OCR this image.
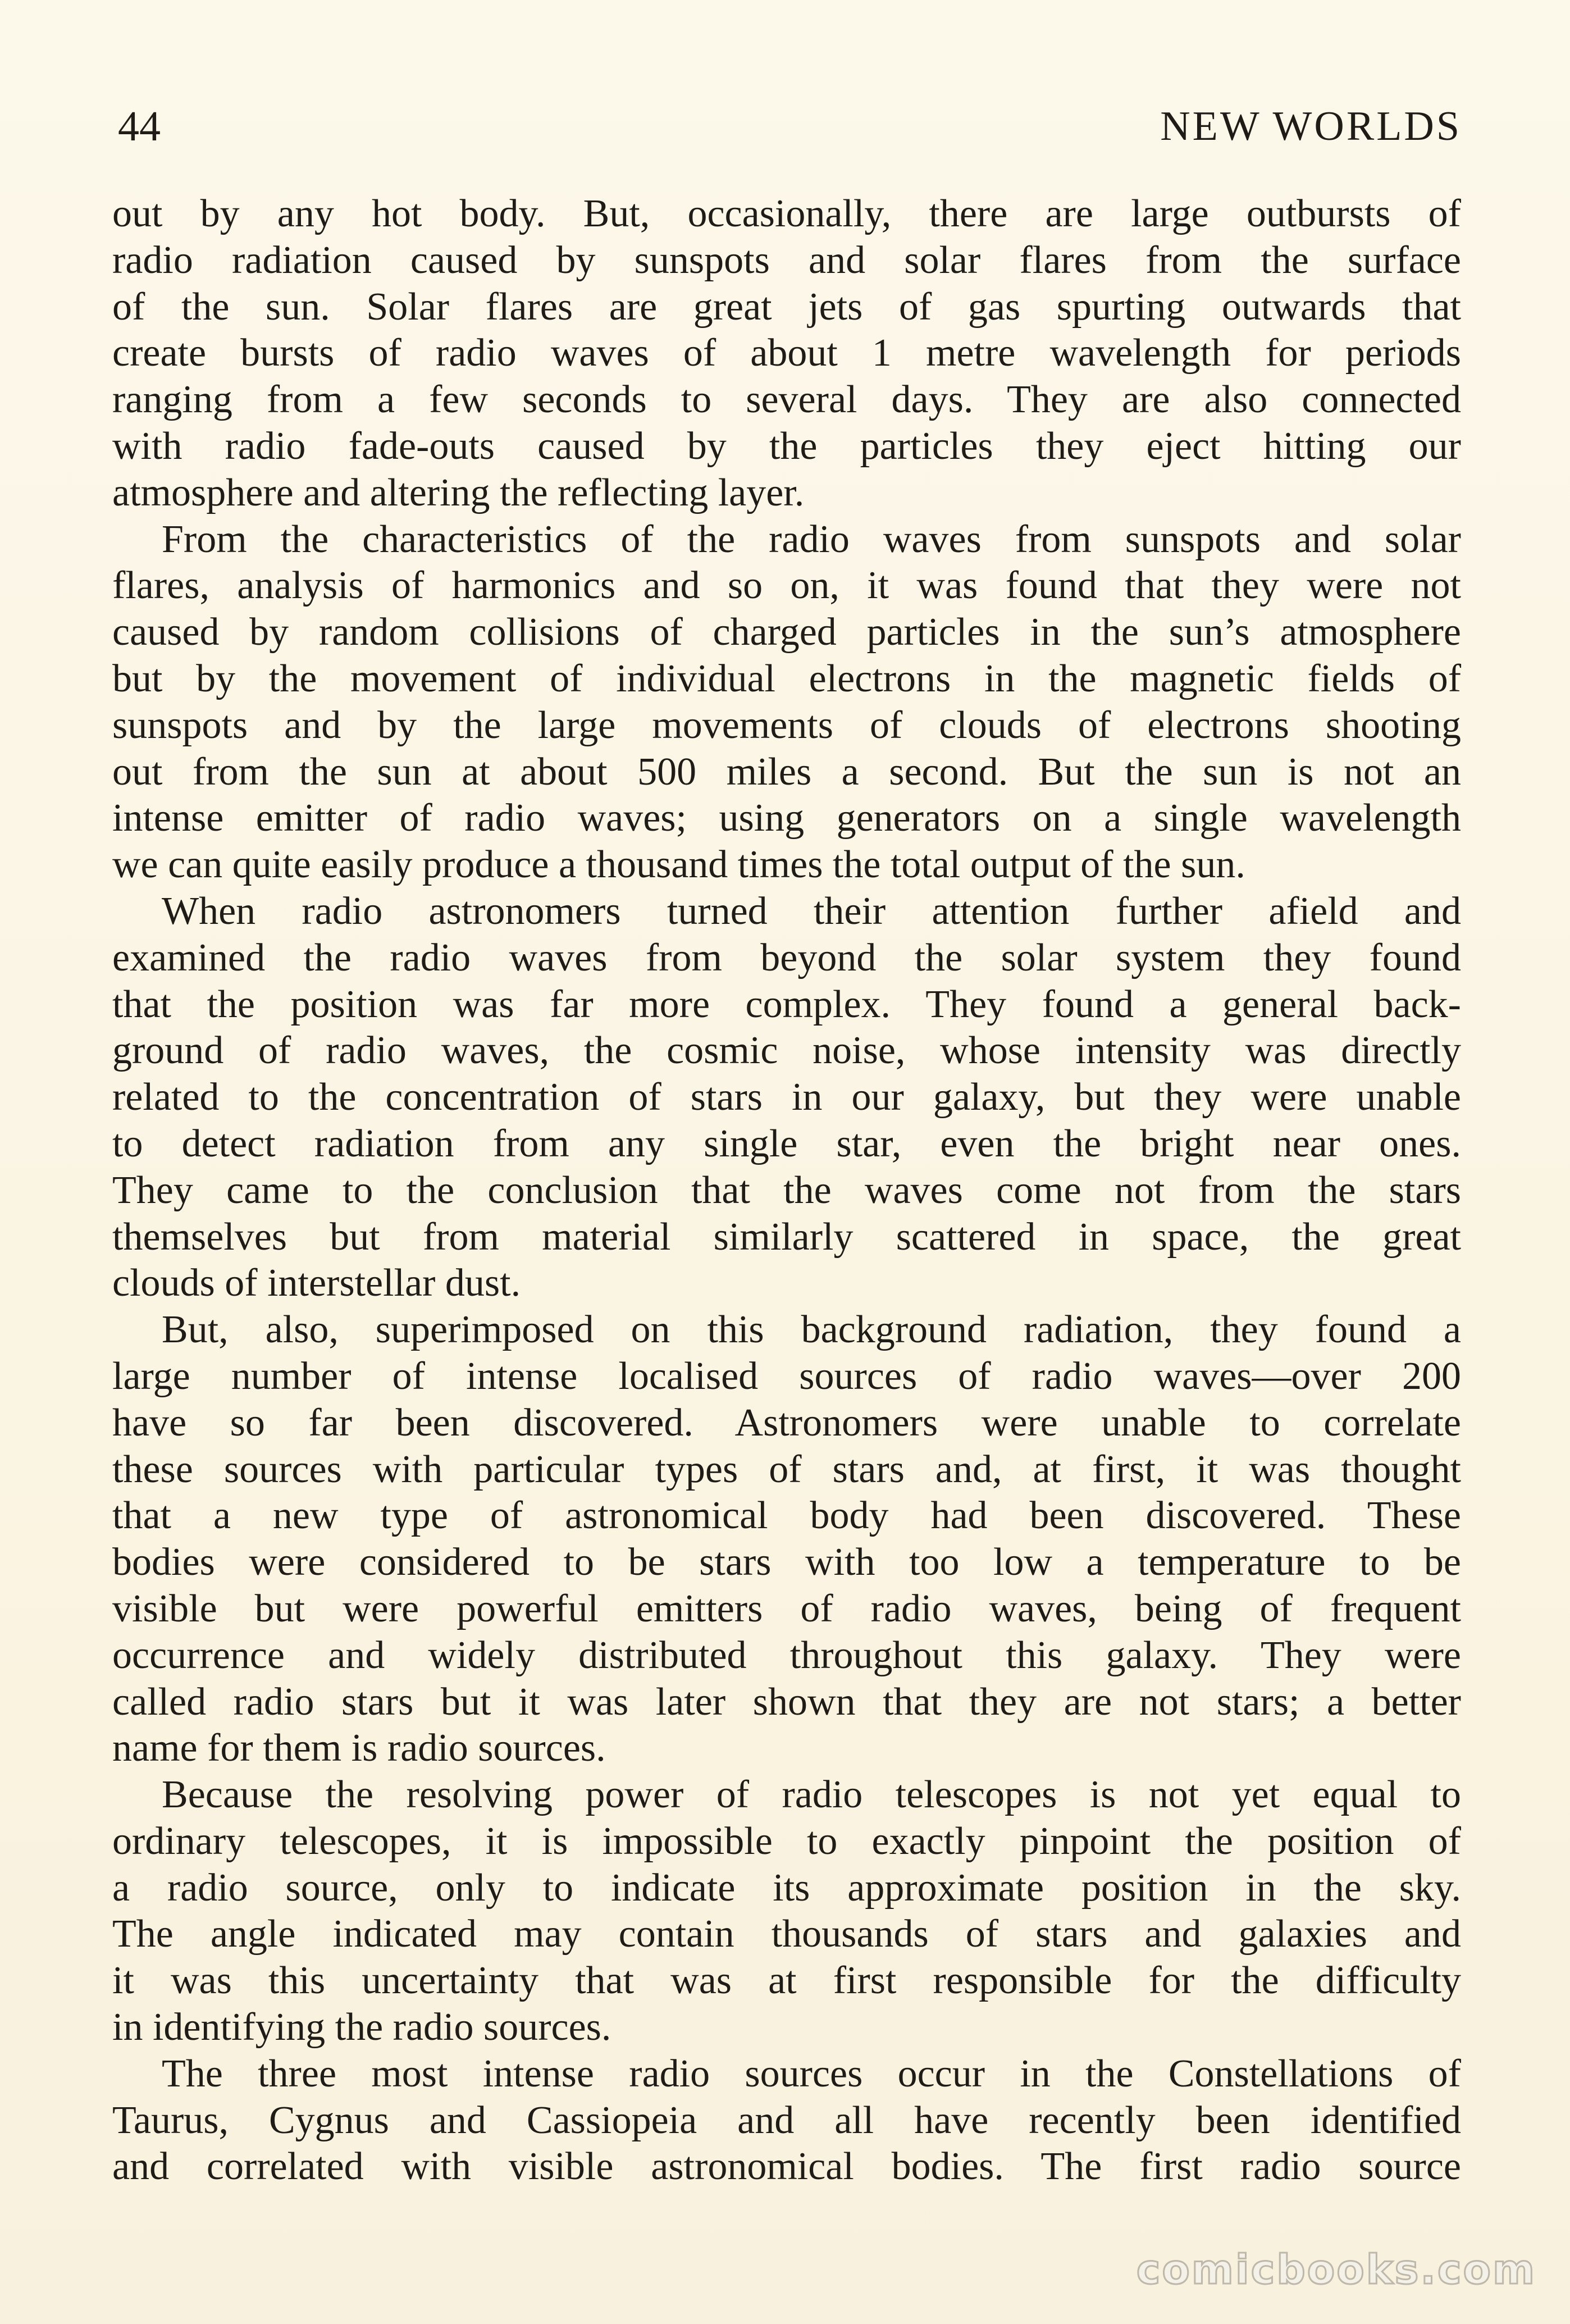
44	NEW WORLDS
out by any hot body. But, occasionally, there are large outbursts of
radio radiation caused by sunspots and solar flares from the surface
of the sun. Solar flares are great jets of gas spurting outwards that
create bursts of radio waves of about 1 metre wavelength for periods
ranging from a few seconds to several days. They are also connected
with radio fade-outs caused by the particles they eject hitting our
atmosphere and altering the reflecting layer.
From the characteristics of the radio waves from sunspots and solar
flares, analysis of harmonics and so on, it was found that they were not
caused by random collisions of charged particles in the sun’s atmosphere
but by the movement of individual electrons in the magnetic fields of
sunspots and by the large movements of clouds of electrons shooting
out from the sun at about 500 miles a second. But the sun is not an
intense emitter of radio waves; using generators on a single wavelength
we can quite easily produce a thousand times the total output of the sun.
When radio astronomers turned their attention further afield and
examined the radio waves from beyond the solar system they found
that the position was far more complex. They found a general back-
ground of radio waves, the cosmic noise, whose intensity was directly
related to the concentration of stars in our galaxy, but they were unable
to detect radiation from any single star, even the bright near ones.
They came to the conclusion that the waves come not from the stars
themselves but from material similarly scattered in space, the great
clouds of interstellar dust.
But, also, superimposed on this background radiation, they found a
large number of intense localised sources of radio waves—over 200
have so far been discovered. Astronomers were unable to correlate
these sources with particular types of stars and, at first, it was thought
that a new type of astronomical body had been discovered. These
bodies were considered to be stars with too low a temperature to be
visible but were powerful emitters of radio waves, being of frequent
occurrence and widely distributed throughout this galaxy. They were
called radio stars but it was later shown that they are not stars; a better
name for them is radio sources.
Because the resolving power of radio telescopes is not yet equal to
ordinary telescopes, it is impossible to exactly pinpoint the position of
a radio source, only to indicate its approximate position in the sky.
The angle indicated may contain thousands of stars and galaxies and
it was this uncertainty that was at first responsible for the difficulty
in identifying the radio sources.
The three most intense radio sources occur in the Constellations of
Taurus, Cygnus and Cassiopeia and all have recently been identified
and correlated with visible astronomical bodies. The first radio source
comicbooks.com
